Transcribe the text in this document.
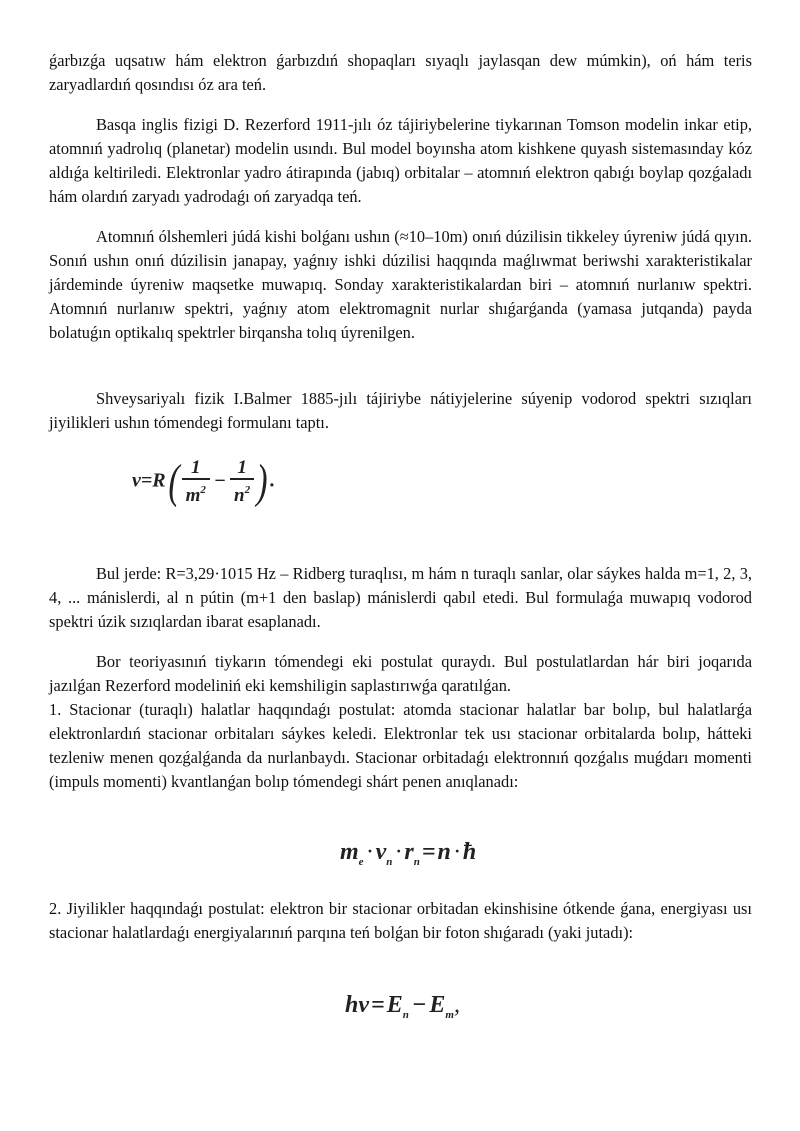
ǵarbızǵa uqsatıw hám elektron ǵarbızdıń shopaqları sıyaqlı jaylasqan dew múmkin), oń hám teris zaryadlardıń qosındısı óz ara teń.

Basqa inglis fizigi D. Rezerford 1911-jılı óz tájiriybelerine tiykarınan Tomson modelin inkar etip, atomnıń yadrolıq (planetar) modelin usındı. Bul model boyınsha atom kishkene quyash sistemasınday kóz aldıǵa keltiriledi. Elektronlar yadro átirapında (jabıq) orbitalar – atomnıń elektron qabıǵı boylap qozǵaladı hám olardıń zaryadı yadrodaǵı oń zaryadqa teń.

Atomnıń ólshemleri júdá kishi bolǵanı ushın (≈10–10m) onıń dúzilisin tikkeley úyreniw júdá qıyın. Sonıń ushın onıń dúzilisin janapay, yaǵnıy ishki dúzilisi haqqında maǵlıwmat beriwshi xarakteristikalar járdeminde úyreniw maqsetke muwapıq. Sonday xarakteristikalardan biri – atomnıń nurlanıw spektri. Atomnıń nurlanıw spektri, yaǵnıy atom elektromagnit nurlar shıǵarǵanda (yamasa jutqanda) payda bolatuǵın optikalıq spektrler birqansha tolıq úyrenilgen.

Shveysariyalı fizik I.Balmer 1885-jılı tájiriybe nátiyjelerine súyenip vodorod spektri sızıqları jiyilikleri ushın tómendegi formulanı taptı.

$\nu=R( \frac{1}{m^2} - \frac{1}{n^2}$ ) .

Bul jerde: R=3,29·1015 Hz – Ridberg turaqlısı, m hám n turaqlı sanlar, olar sáykes halda m=1, 2, 3, 4, ... mánislerdi, al n pútin (m+1 den baslap) mánislerdi qabıl etedi. Bul formulaǵa muwapıq vodorod spektri úzik sızıqlardan ibarat esaplanadı.

Bor teoriyasınıń tiykarın tómendegi eki postulat quraydı. Bul postulatlardan hár biri joqarıda jazılǵan Rezerford modeliniń eki kemshiligin saplastırıwǵa qaratılǵan.

1. Stacionar (turaqlı) halatlar haqqındaǵı postulat: atomda stacionar halatlar bar bolıp, bul halatlarǵa elektronlardıń stacionar orbitaları sáykes keledi. Elektronlar tek usı stacionar orbitalarda bolıp, hátteki tezleniw menen qozǵalǵanda da nurlanbaydı. Stacionar orbitadaǵı elektronnıń qozǵalıs muǵdarı momenti (impuls momenti) kvantlanǵan bolıp tómendegi shárt penen anıqlanadı:

$m_e \cdot v_n \cdot r_n=n$ · ħ

2. Jiyilikler haqqındaǵı postulat: elektron bir stacionar orbitadan ekinshisine ótkende ǵana, energiyası usı stacionar halatlardaǵı energiyalarınıń parqına teń bolǵan bir foton shıǵaradı (yaki jutadı):

$h\nu=E_n - E_m$,
